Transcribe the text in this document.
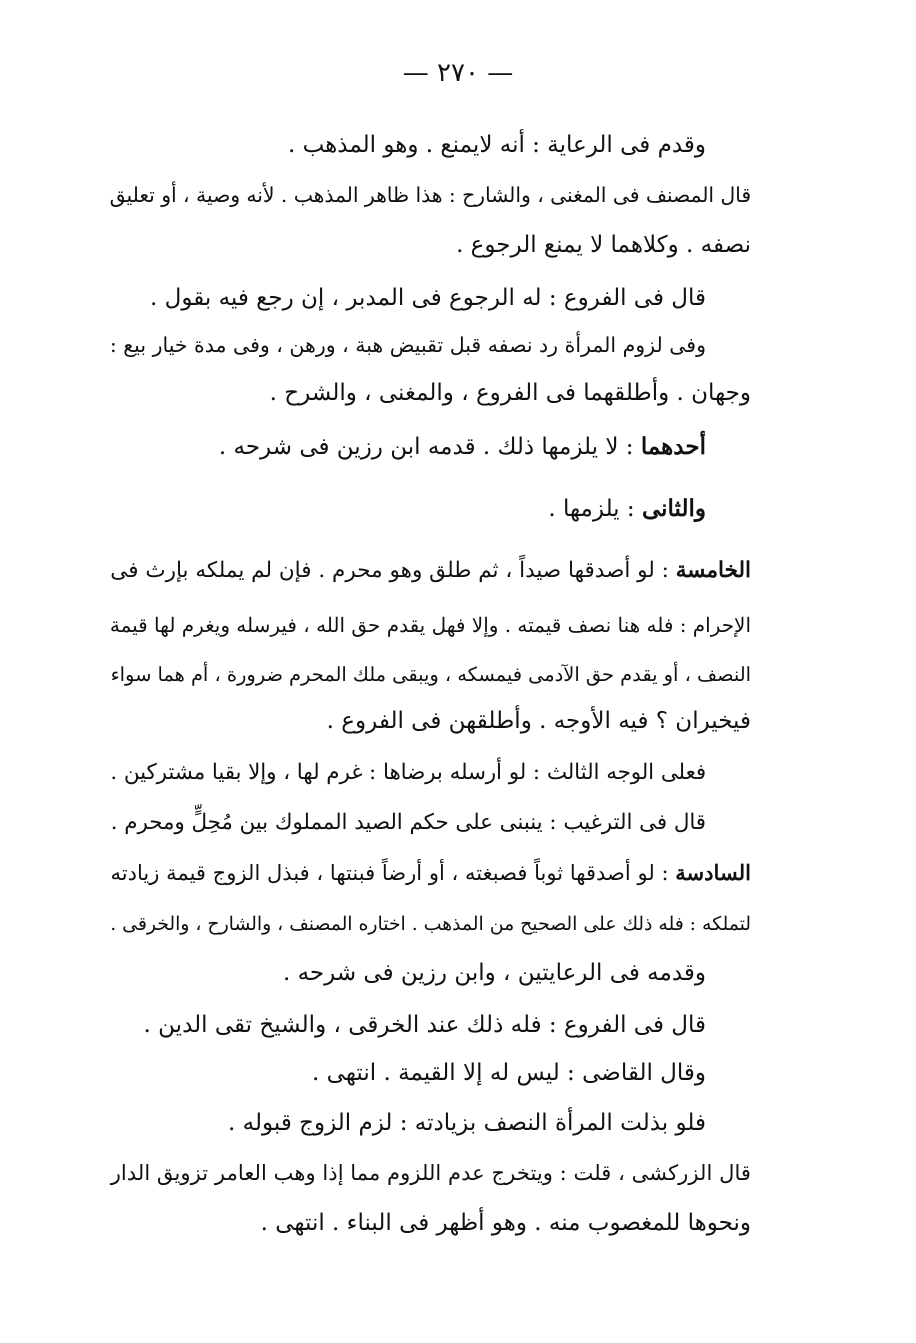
— ٢٧٠ —
وقدم فى الرعاية : أنه لايمنع . وهو المذهب .
قال المصنف فى المغنى ، والشارح : هذا ظاهر المذهب . لأنه وصية ، أو تعليق
نصفه . وكلاهما لا يمنع الرجوع .
قال فى الفروع : له الرجوع فى المدبر ، إن رجع فيه بقول .
وفى لزوم المرأة رد نصفه قبل تقبيض هبة ، ورهن ، وفى مدة خيار بيع :
وجهان . وأطلقهما فى الفروع ، والمغنى ، والشرح .
أحدهما : لا يلزمها ذلك . قدمه ابن رزين فى شرحه .
والثانى : يلزمها .
الخامسة : لو أصدقها صيداً ، ثم طلق وهو محرم . فإن لم يملكه بإرث فى
الإحرام : فله هنا نصف قيمته . وإلا فهل يقدم حق الله ، فيرسله ويغرم لها قيمة
النصف ، أو يقدم حق الآدمى فيمسكه ، ويبقى ملك المحرم ضرورة ، أم هما سواء
فيخيران ؟ فيه الأوجه . وأطلقهن فى الفروع .
فعلى الوجه الثالث : لو أرسله برضاها : غرم لها ، وإلا بقيا مشتركين .
قال فى الترغيب : ينبنى على حكم الصيد المملوك بين مُحِلٍّ ومحرم .
السادسة : لو أصدقها ثوباً فصبغته ، أو أرضاً فبنتها ، فبذل الزوج قيمة زيادته
لتملكه : فله ذلك على الصحيح من المذهب . اختاره المصنف ، والشارح ، والخرقى .
وقدمه فى الرعايتين ، وابن رزين فى شرحه .
قال فى الفروع : فله ذلك عند الخرقى ، والشيخ تقى الدين .
وقال القاضى : ليس له إلا القيمة . انتهى .
فلو بذلت المرأة النصف بزيادته : لزم الزوج قبوله .
قال الزركشى ، قلت : ويتخرج عدم اللزوم مما إذا وهب العامر تزويق الدار
ونحوها للمغصوب منه . وهو أظهر فى البناء . انتهى .
